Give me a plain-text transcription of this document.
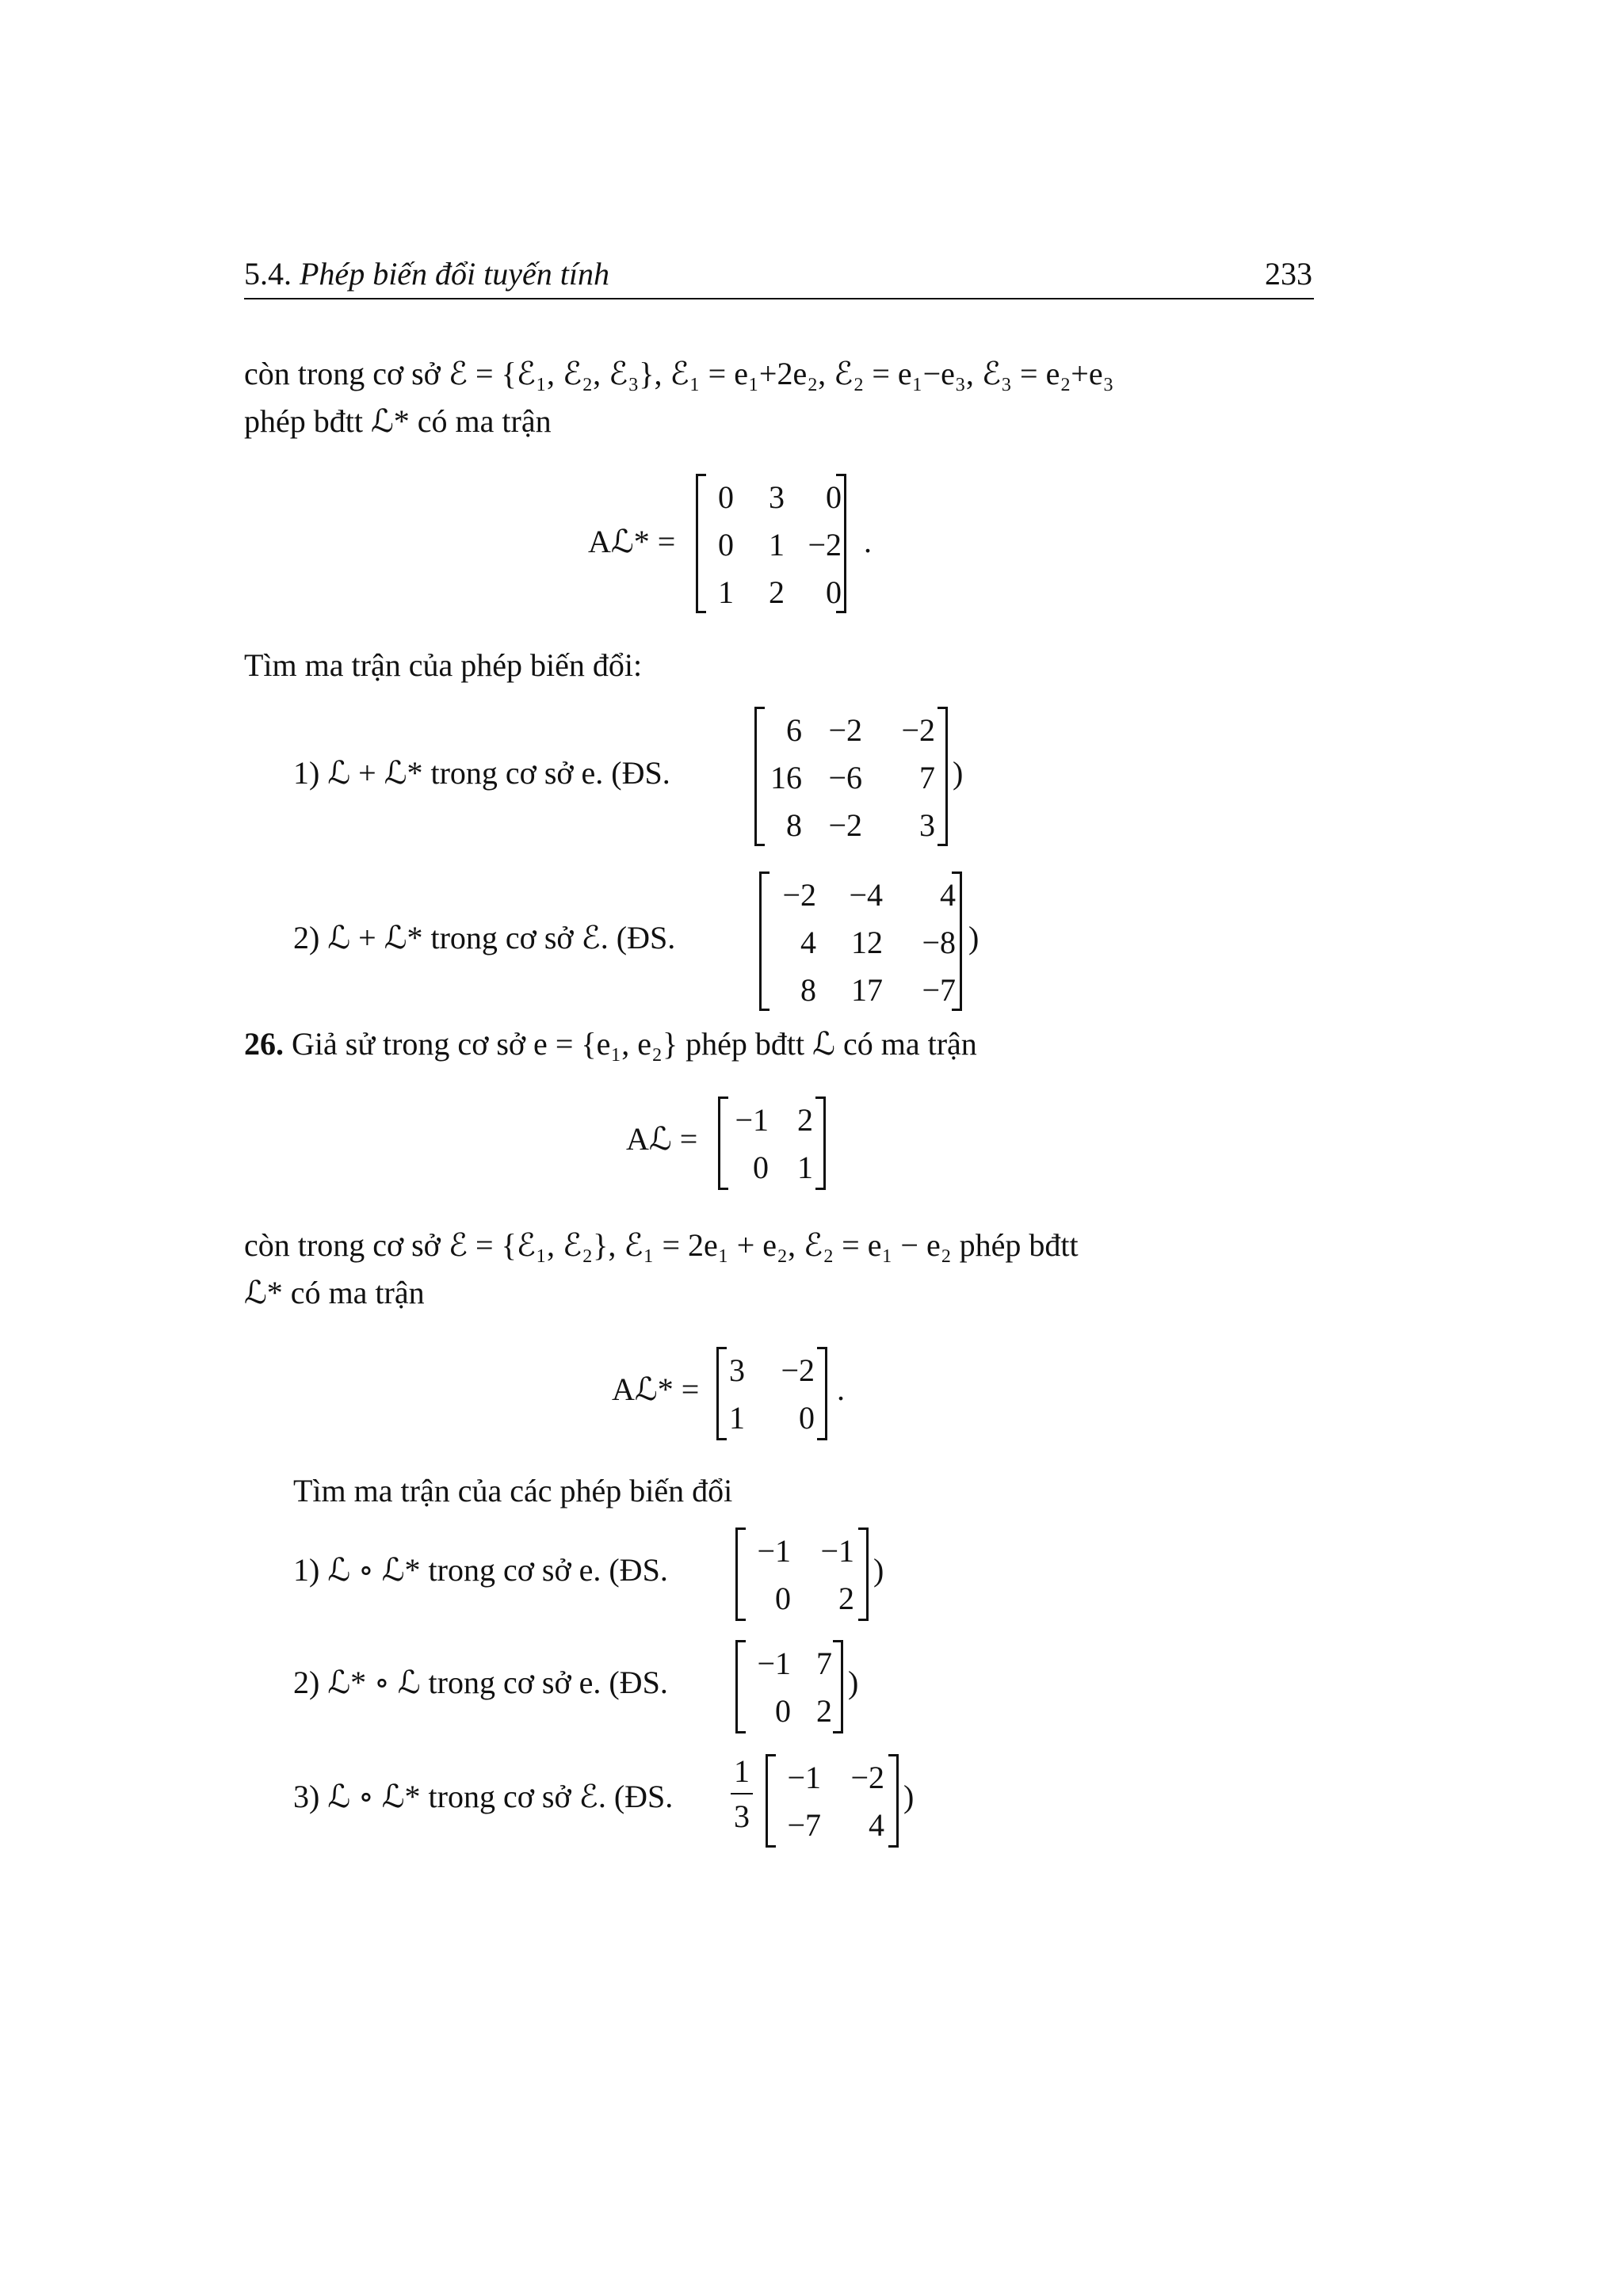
5.4. Phép biến đổi tuyến tính	233
còn trong cơ sở ℰ = {ℰ₁, ℰ₂, ℰ₃}, ℰ₁ = e₁+2e₂, ℰ₂ = e₁−e₃, ℰ₃ = e₂+e₃
phép bđtt ℒ* có ma trận
Aℒ* =
0	3	0
0	1 −2
1	2	0
.
Tìm ma trận của phép biến đổi:
1) ℒ + ℒ* trong cơ sở e. (ĐS.
6 −2	−2
16 −6	7
8 −2	3
)
2) ℒ + ℒ* trong cơ sở ℰ. (ĐS.
−2	−4	4
4	12	−8
8	17	−7
)
26. Giả sử trong cơ sở e = {e₁, e₂} phép bđtt ℒ có ma trận
Aℒ =
−1 2
0 1
còn trong cơ sở ℰ = {ℰ₁, ℰ₂}, ℰ₁ = 2e₁ + e₂, ℰ₂ = e₁ − e₂ phép bđtt
ℒ* có ma trận
Aℒ* =
3	−2
1	0
.
Tìm ma trận của các phép biến đổi
1) ℒ ∘ ℒ* trong cơ sở e. (ĐS.
−1 −1
0	2
)
2) ℒ* ∘ ℒ trong cơ sở e. (ĐS.
−1 7
0 2
)
3) ℒ ∘ ℒ* trong cơ sở ℰ. (ĐS.
1
3
−1 −2
−7	4
)
